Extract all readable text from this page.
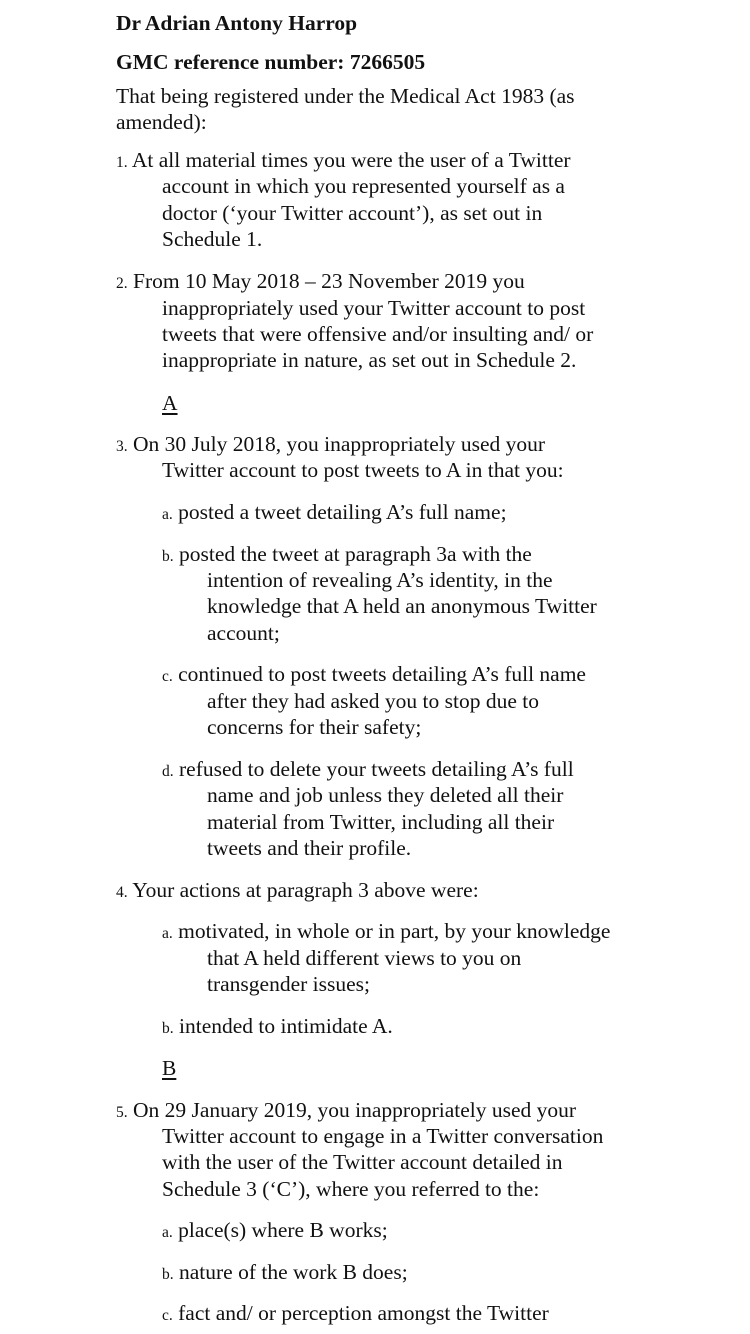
Dr Adrian Antony Harrop
GMC reference number: 7266505
That being registered under the Medical Act 1983 (as
amended):
1. At all material times you were the user of a Twitter
account in which you represented yourself as a
doctor (‘your Twitter account’), as set out in
Schedule 1.
2. From 10 May 2018 – 23 November 2019 you
inappropriately used your Twitter account to post
tweets that were offensive and/or insulting and/ or
inappropriate in nature, as set out in Schedule 2.
A
3. On 30 July 2018, you inappropriately used your
Twitter account to post tweets to A in that you:
a. posted a tweet detailing A’s full name;
b. posted the tweet at paragraph 3a with the
intention of revealing A’s identity, in the
knowledge that A held an anonymous Twitter
account;
c. continued to post tweets detailing A’s full name
after they had asked you to stop due to
concerns for their safety;
d. refused to delete your tweets detailing A’s full
name and job unless they deleted all their
material from Twitter, including all their
tweets and their profile.
4. Your actions at paragraph 3 above were:
a. motivated, in whole or in part, by your knowledge
that A held different views to you on
transgender issues;
b. intended to intimidate A.
B
5. On 29 January 2019, you inappropriately used your
Twitter account to engage in a Twitter conversation
with the user of the Twitter account detailed in
Schedule 3 (‘C’), where you referred to the:
a. place(s) where B works;
b. nature of the work B does;
c. fact and/ or perception amongst the Twitter
